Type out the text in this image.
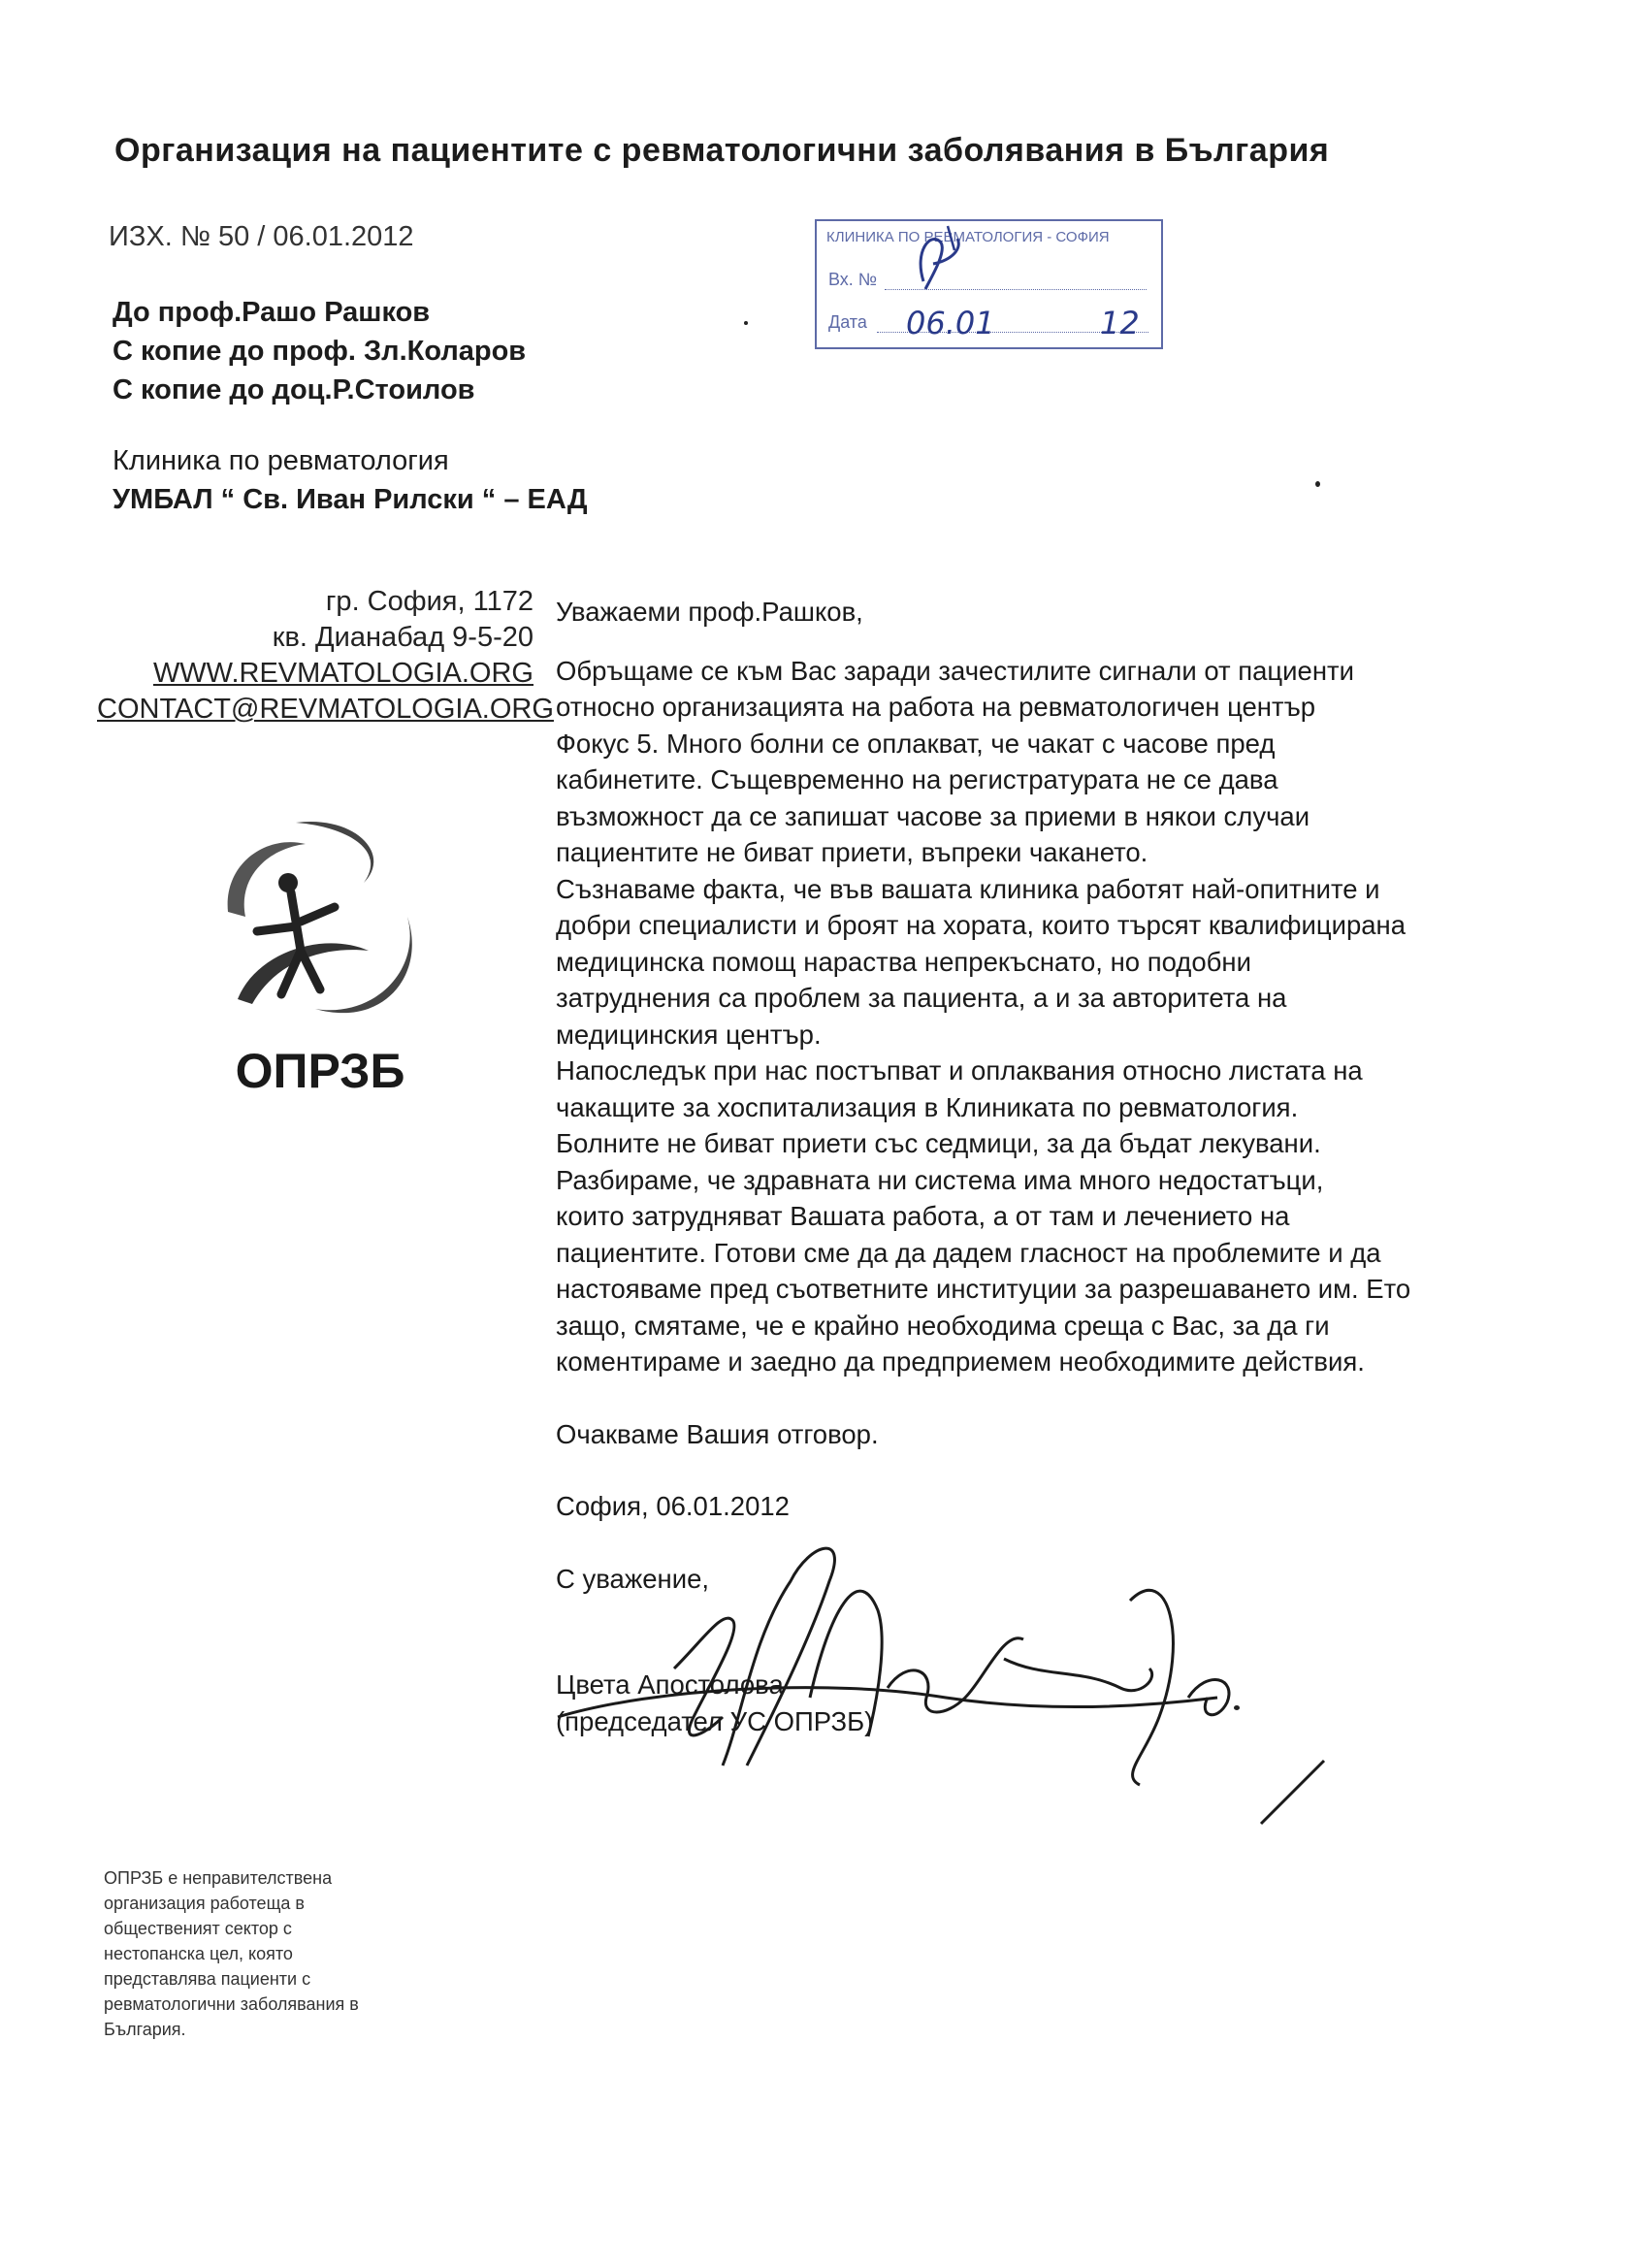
Организация на пациентите с ревматологични заболявания в България
ИЗХ. № 50 / 06.01.2012	КЛИНИКА ПО РЕВМАТОЛОГИЯ - СОФИЯ
Вх. №
Дата 06.01	12
До проф.Рашо Рашков
С копие до проф. Зл.Коларов
С копие до доц.Р.Стоилов
Клиника по ревматология
УМБАЛ “ Св. Иван Рилски “ – ЕАД
гр. София, 1172
кв. Дианабад 9-5-20
WWW.REVMATOLOGIA.ORG
CONTACT@REVMATOLOGIA.ORG
ОПРЗБ

Уважаеми проф.Рашков,

Обръщаме се към Вас заради зачестилите сигнали от пациенти

относно организацията на работа на ревматологичен център

Фокус 5. Много болни се оплакват, че чакат с часове пред

кабинетите. Същевременно на регистратурата не се дава

възможност да се запишат часове за приеми в някои случаи

пациентите не биват приети, въпреки чакането.

Съзнаваме факта, че във вашата клиника работят най-опитните и

добри специалисти и броят на хората, които търсят квалифицирана

медицинска помощ нараства непрекъснато, но подобни

затруднения са проблем за пациента, а и за авторитета на

медицинския център.

Напоследък при нас постъпват и оплаквания относно листата на

чакащите за хоспитализация в Клиниката по ревматология.

Болните не биват приети със седмици, за да бъдат лекувани.

Разбираме, че здравната ни система има много недостатъци,

които затрудняват Вашата работа, а от там и лечението на

пациентите. Готови сме да да дадем гласност на проблемите и да

настояваме пред съответните институции за разрешаването им. Ето

защо, смятаме, че е крайно необходима среща с Вас, за да ги

коментираме и заедно да предприемем необходимите действия.

Очакваме Вашия отговор.

София, 06.01.2012

С уважение,

Цвета Апостолова

(председател УС ОПРЗБ)

ОПРЗБ е неправителствена
организация работеща в
обществeният сектор с
нестопанска цел, която
представлява пациенти с
ревматологични заболявания в
България.
